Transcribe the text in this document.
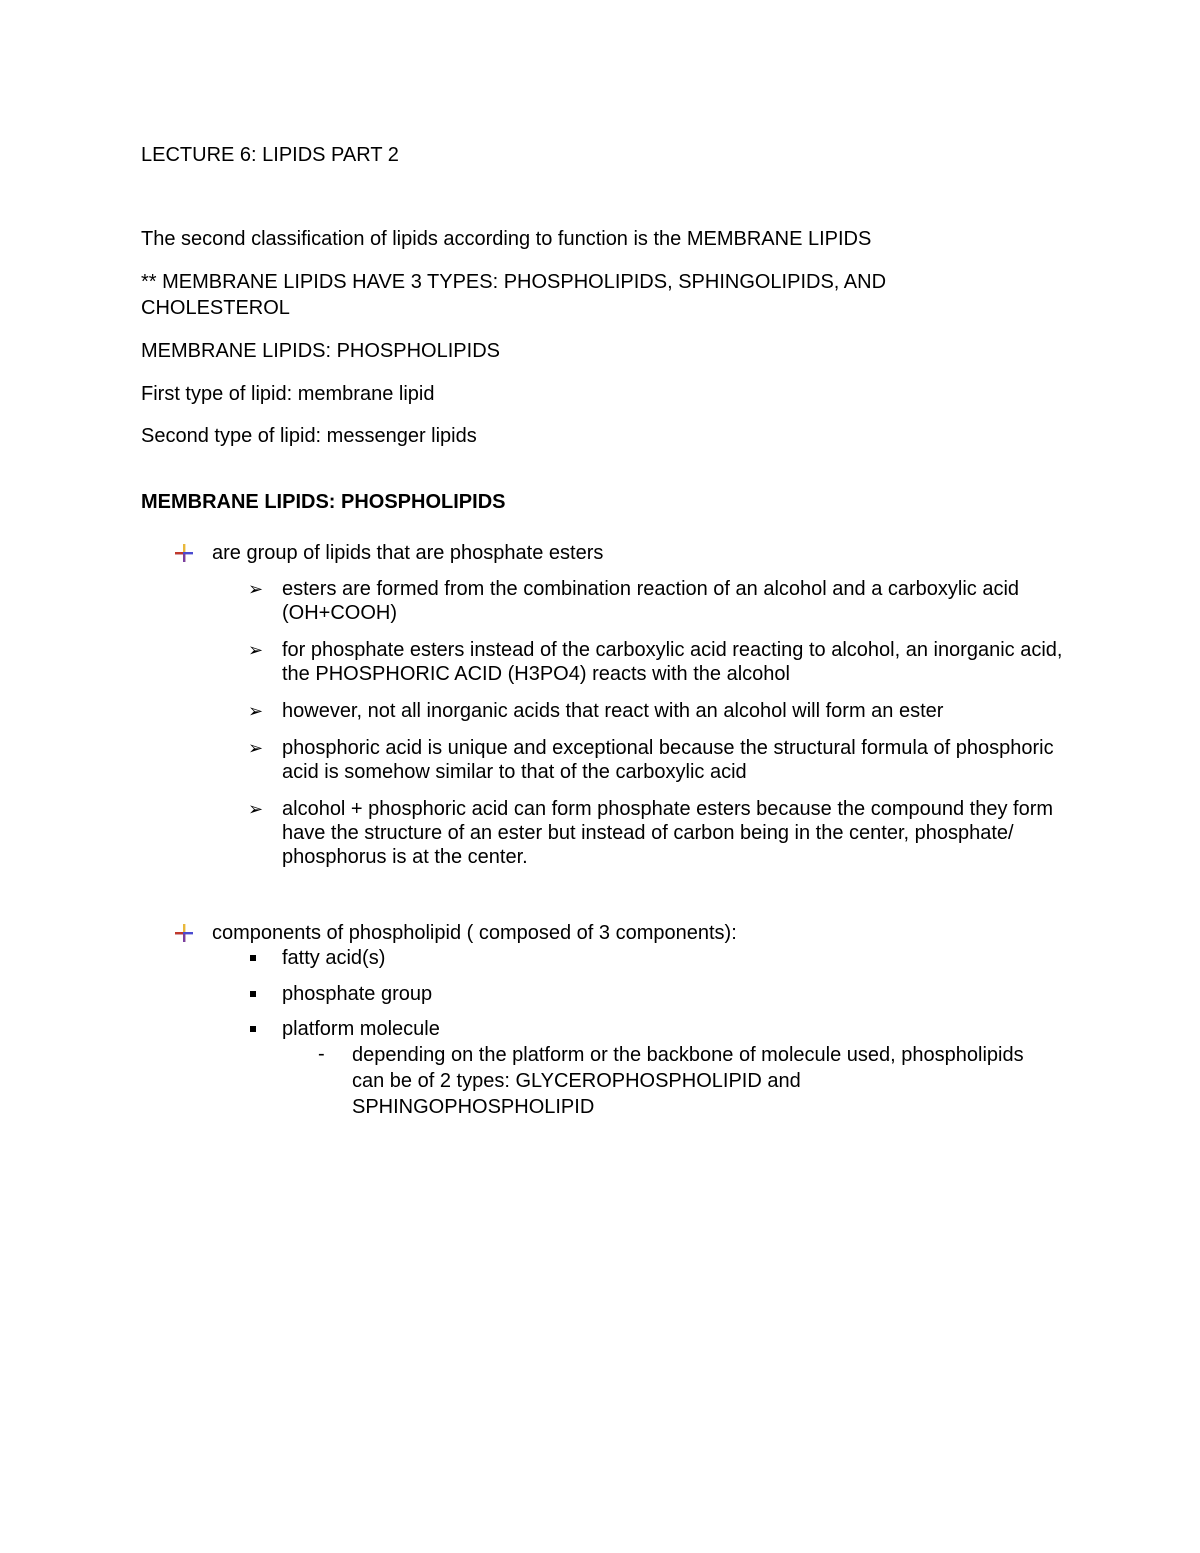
LECTURE 6: LIPIDS PART 2
The second classification of lipids according to function is the MEMBRANE LIPIDS
** MEMBRANE LIPIDS HAVE 3 TYPES: PHOSPHOLIPIDS, SPHINGOLIPIDS, AND
CHOLESTEROL
MEMBRANE LIPIDS: PHOSPHOLIPIDS
First type of lipid: membrane lipid
Second type of lipid: messenger lipids
MEMBRANE LIPIDS: PHOSPHOLIPIDS
are group of lipids that are phosphate esters
➢ esters are formed from the combination reaction of an alcohol and a carboxylic acid (OH+COOH)
➢ for phosphate esters instead of the carboxylic acid reacting to alcohol, an inorganic acid, the PHOSPHORIC ACID (H3PO4) reacts with the alcohol
➢ however, not all inorganic acids that react with an alcohol will form an ester
➢ phosphoric acid is unique and exceptional because the structural formula of phosphoric acid is somehow similar to that of the carboxylic acid
➢ alcohol + phosphoric acid can form phosphate esters because the compound they form have the structure of an ester but instead of carbon being in the center, phosphate/ phosphorus is at the center.
components of phospholipid ( composed of 3 components):
fatty acid(s)
phosphate group
platform molecule
- depending on the platform or the backbone of molecule used, phospholipids can be of 2 types: GLYCEROPHOSPHOLIPID and SPHINGOPHOSPHOLIPID
